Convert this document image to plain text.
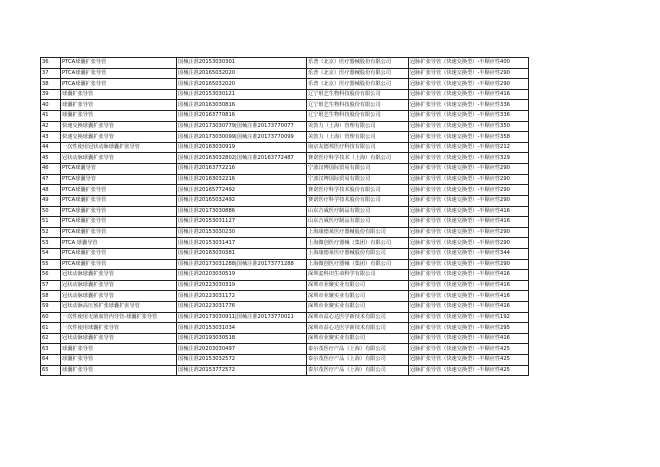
36	PTCA球囊扩张导管	国械注准20153030301	乐普（北京）医疗器械股份有限公司	冠脉扩张导管（快速交换型）-半顺应性400
37	PTCA球囊扩张导管	国械注准20165032020	乐普（北京）医疗器械股份有限公司	冠脉扩张导管（快速交换型）-半顺应性290
38	PTCA球囊扩张导管	国械注准20165032020	乐普（北京）医疗器械股份有限公司	冠脉扩张导管（快速交换型）-半顺应性290
39	球囊扩张导管	国械注准20153030121	辽宁垠艺生物科技股份有限公司	冠脉扩张导管（快速交换型）-半顺应性416
40	球囊扩张导管	国械注准20163030816	辽宁垠艺生物科技股份有限公司	冠脉扩张导管（快速交换型）-半顺应性336
41	球囊扩张导管	国械注准20163770816	辽宁垠艺生物科技股份有限公司	冠脉扩张导管（快速交换型）-半顺应性336
42	快速交换球囊扩张导管	国械注准20173030779|国械注准20173770077	美敦力（上海）管理有限公司	冠脉扩张导管（快速交换型）-半顺应性350
43	快速交换球囊扩张导管	国械注准20173030099|国械注准20173770099	美敦力（上海）管理有限公司	冠脉扩张导管（快速交换型）-半顺应性358
44	一次性使用冠状动脉球囊扩张导管	国械注准20163030919	南京友德邦医疗科技有限公司	冠脉扩张导管（快速交换型）-半顺应性212
45	冠状动脉球囊扩张导管	国械注准20163032802|国械注准20163772487	赛诺医疗科学技术（上海）有限公司	冠脉扩张导管（快速交换型）-半顺应性329
46	PTCA球囊导管	国械注准20163772216	宁波汉博国际贸易有限公司	冠脉扩张导管（快速交换型）-半顺应性290
47	PTCA球囊导管	国械注准20163032216	宁波汉博国际贸易有限公司	冠脉扩张导管（快速交换型）-半顺应性290
48	PTCA球囊扩张导管	国械注准20165772492	赛诺医疗科学技术股份有限公司	冠脉扩张导管（快速交换型）-半顺应性290
49	PTCA球囊扩张导管	国械注准20165032492	赛诺医疗科学技术股份有限公司	冠脉扩张导管（快速交换型）-半顺应性290
50	PTCA球囊扩张导管	国械注准20173030886	山东吉威医疗制品有限公司	冠脉扩张导管（快速交换型）-半顺应性416
51	PTCA球囊扩张导管	国械注准20153031127	山东吉威医疗制品有限公司	冠脉扩张导管（快速交换型）-半顺应性416
52	PTCA球囊扩张导管	国械注准20153030230	上海康德莱医疗器械股份有限公司	冠脉扩张导管（快速交换型）-半顺应性290
53	PTCA 球囊导管	国械注准20153031417	上海微创医疗器械（集团）有限公司	冠脉扩张导管（快速交换型）-半顺应性290
54	PTCA球囊扩张导管	国械注准20163030381	上海康德莱医疗器械股份有限公司	冠脉扩张导管（快速交换型）-半顺应性344
55	PTCA球囊扩张导管	国械注准20173031288|国械注准20173771288	上海微创医疗器械（集团）有限公司	冠脉扩张导管（快速交换型）-半顺应性290
56	冠状动脉球囊扩张导管	国械注准20203030519	深圳麦科田生命科学有限公司	冠脉扩张导管（快速交换型）-半顺应性416
57	冠状动脉球囊扩张导管	国械注准20223030319	深圳市业聚实业有限公司	冠脉扩张导管（快速交换型）-半顺应性416
58	冠状动脉球囊扩张导管	国械注准20223031172	深圳市业聚实业有限公司	冠脉扩张导管（快速交换型）-半顺应性416
59	冠状动脉高压预扩张球囊扩张导管	国械注准20223031776	深圳市业聚实业有限公司	冠脉扩张导管（快速交换型）-半顺应性416
60	一次性使用无菌血管内导管-球囊扩张导管	国械注准20173030911|国械注准20173770011	深圳市益心达医学新技术有限公司	冠脉扩张导管（快速交换型）-半顺应性192
61	一次性使用球囊扩张导管	国械注准20153031034	深圳市益心达医学新技术有限公司	冠脉扩张导管（快速交换型）-半顺应性295
62	冠状动脉球囊扩张导管	国械注准20193030518	深圳市业聚实业有限公司	冠脉扩张导管（快速交换型）-半顺应性416
63	球囊扩张导管	国械注准20203030497	泰尔茂医疗产品（上海）有限公司	冠脉扩张导管（快速交换型）-半顺应性425
64	球囊扩张导管	国械注准20153032572	泰尔茂医疗产品（上海）有限公司	冠脉扩张导管（快速交换型）-半顺应性425
65	球囊扩张导管	国械注准20153772572	泰尔茂医疗产品（上海）有限公司	冠脉扩张导管（快速交换型）-半顺应性425
